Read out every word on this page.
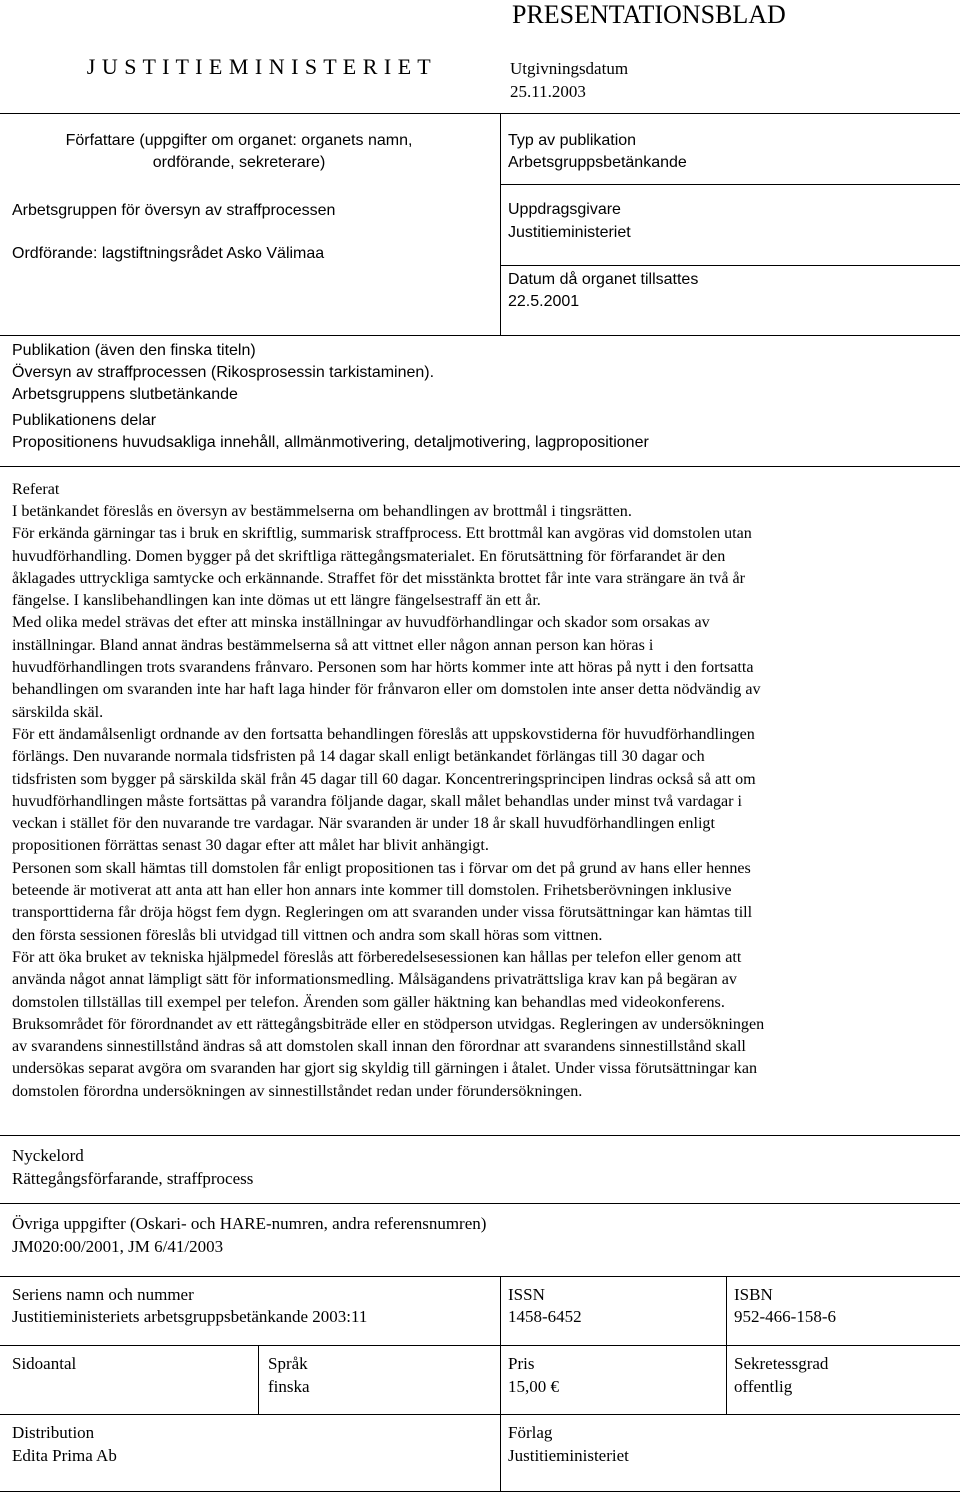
J U S T I T I E M I N I S T E R I E T
PRESENTATIONSBLAD
Utgivningsdatum
25.11.2003
Författare (uppgifter om organet: organets namn,
ordförande, sekreterare)
Arbetsgruppen för översyn av straffprocessen
Ordförande: lagstiftningsrådet Asko Välimaa
Typ av publikation
Arbetsgruppsbetänkande
Uppdragsgivare
Justitieministeriet
Datum då organet tillsattes
22.5.2001
Publikation (även den finska titeln)
Översyn av straffprocessen (Rikosprosessin tarkistaminen).
Arbetsgruppens slutbetänkande
Publikationens delar
Propositionens huvudsakliga innehåll, allmänmotivering, detaljmotivering, lagpropositioner
Referat
I betänkandet föreslås en översyn av bestämmelserna om behandlingen av brottmål i tingsrätten.
För erkända gärningar tas i bruk en skriftlig, summarisk straffprocess. Ett brottmål kan avgöras vid domstolen utan
huvudförhandling. Domen bygger på det skriftliga rättegångsmaterialet. En förutsättning för förfarandet är den
åklagades uttryckliga samtycke och erkännande. Straffet för det misstänkta brottet får inte vara strängare än två år
fängelse. I kanslibehandlingen kan inte dömas ut ett längre fängelsestraff än ett år.
Med olika medel strävas det efter att minska inställningar av huvudförhandlingar och skador som orsakas av
inställningar. Bland annat ändras bestämmelserna så att vittnet eller någon annan person kan höras i
huvudförhandlingen trots svarandens frånvaro. Personen som har hörts kommer inte att höras på nytt i den fortsatta
behandlingen om svaranden inte har haft laga hinder för frånvaron eller om domstolen inte anser detta nödvändig av
särskilda skäl.
För ett ändamålsenligt ordnande av den fortsatta behandlingen föreslås att uppskovstiderna för huvudförhandlingen
förlängs. Den nuvarande normala tidsfristen på 14 dagar skall enligt betänkandet förlängas till 30 dagar och
tidsfristen som bygger på särskilda skäl från 45 dagar till 60 dagar. Koncentreringsprincipen lindras också så att om
huvudförhandlingen måste fortsättas på varandra följande dagar, skall målet behandlas under minst två vardagar i
veckan i stället för den nuvarande tre vardagar. När svaranden är under 18 år skall huvudförhandlingen enligt
propositionen förrättas senast 30 dagar efter att målet har blivit anhängigt.
Personen som skall hämtas till domstolen får enligt propositionen tas i förvar om det på grund av hans eller hennes
beteende är motiverat att anta att han eller hon annars inte kommer till domstolen. Frihetsberövningen inklusive
transporttiderna får dröja högst fem dygn. Regleringen om att svaranden under vissa förutsättningar kan hämtas till
den första sessionen föreslås bli utvidgad till vittnen och andra som skall höras som vittnen.
För att öka bruket av tekniska hjälpmedel föreslås att förberedelsesessionen kan hållas per telefon eller genom att
använda något annat lämpligt sätt för informationsmedling. Målsägandens privaträttsliga krav kan på begäran av
domstolen tillställas till exempel per telefon. Ärenden som gäller häktning kan behandlas med videokonferens.
Bruksområdet för förordnandet av ett rättegångsbiträde eller en stödperson utvidgas. Regleringen av undersökningen
av svarandens sinnestillstånd ändras så att domstolen skall innan den förordnar att svarandens sinnestillstånd skall
undersökas separat avgöra om svaranden har gjort sig skyldig till gärningen i åtalet. Under vissa förutsättningar kan
domstolen förordna undersökningen av sinnestillståndet redan under förundersökningen.
Nyckelord
Rättegångsförfarande, straffprocess
Övriga uppgifter (Oskari- och HARE-numren, andra referensnumren)
JM020:00/2001, JM 6/41/2003
Seriens namn och nummer
Justitieministeriets arbetsgruppsbetänkande 2003:11
ISSN
1458-6452
ISBN
952-466-158-6
Sidoantal	Språk
finska
Pris
15,00 €
Sekretessgrad
offentlig
Distribution
Edita Prima Ab
Förlag
Justitieministeriet
